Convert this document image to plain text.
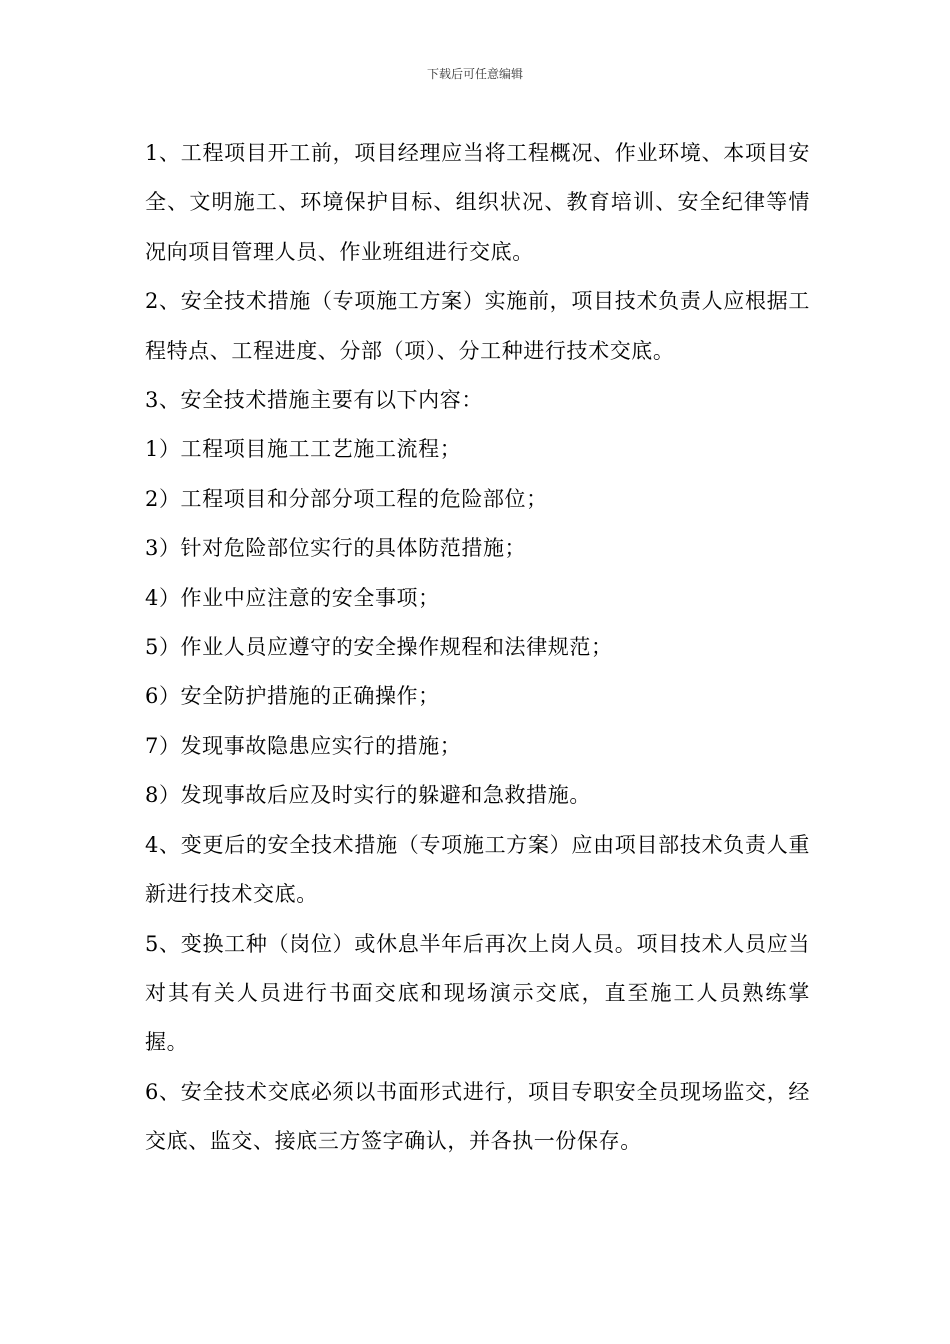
下载后可任意编辑

1、工程项目开工前，项目经理应当将工程概况、作业环境、本项目安全、文明施工、环境保护目标、组织状况、教育培训、安全纪律等情况向项目管理人员、作业班组进行交底。

2、安全技术措施（专项施工方案）实施前，项目技术负责人应根据工程特点、工程进度、分部（项）、分工种进行技术交底。

3、安全技术措施主要有以下内容：

1）工程项目施工工艺施工流程；

2）工程项目和分部分项工程的危险部位；

3）针对危险部位实行的具体防范措施；

4）作业中应注意的安全事项；

5）作业人员应遵守的安全操作规程和法律规范；

6）安全防护措施的正确操作；

7）发现事故隐患应实行的措施；

8）发现事故后应及时实行的躲避和急救措施。

4、变更后的安全技术措施（专项施工方案）应由项目部技术负责人重新进行技术交底。

5、变换工种（岗位）或休息半年后再次上岗人员。项目技术人员应当对其有关人员进行书面交底和现场演示交底，直至施工人员熟练掌握。

6、安全技术交底必须以书面形式进行，项目专职安全员现场监交，经交底、监交、接底三方签字确认，并各执一份保存。
